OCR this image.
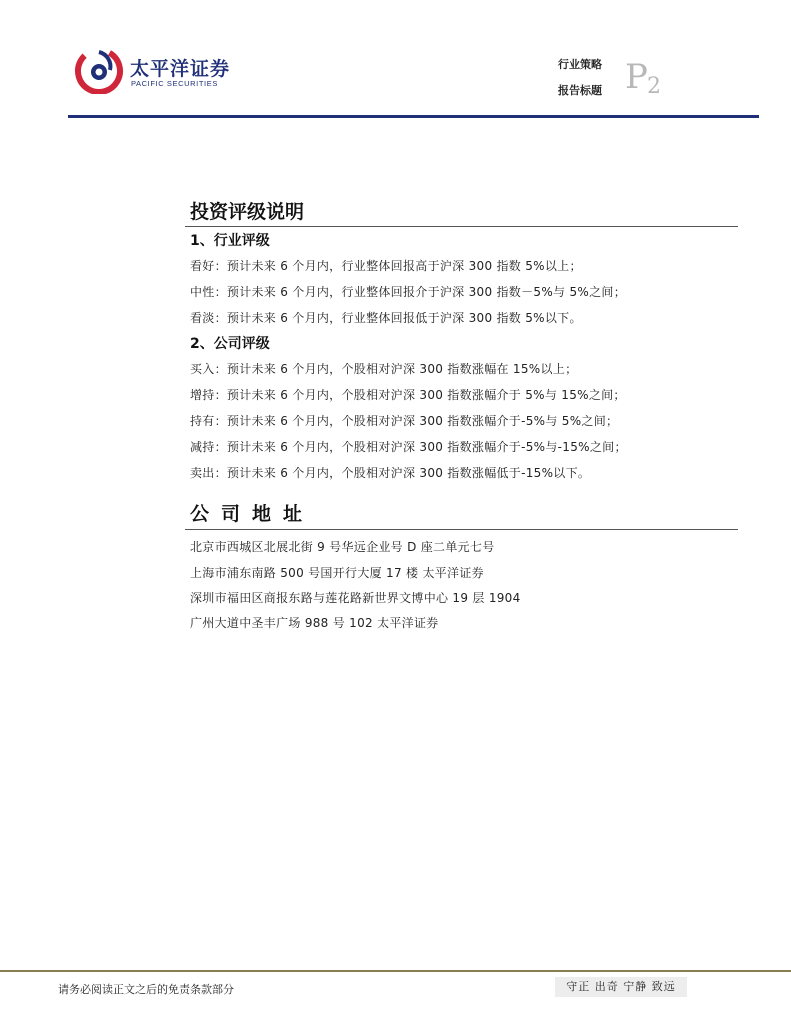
太平洋证券
PACIFIC SECURITIES
行业策略
报告标题 P 2
投资评级说明
1、行业评级
看好：预计未来 6 个月内，行业整体回报高于沪深 300 指数 5%以上；
中性：预计未来 6 个月内，行业整体回报介于沪深 300 指数－5%与 5%之间；
看淡：预计未来 6 个月内，行业整体回报低于沪深 300 指数 5%以下。
2、公司评级
买入：预计未来 6 个月内，个股相对沪深 300 指数涨幅在 15%以上；
增持：预计未来 6 个月内，个股相对沪深 300 指数涨幅介于 5%与 15%之间；
持有：预计未来 6 个月内，个股相对沪深 300 指数涨幅介于-5%与 5%之间；
减持：预计未来 6 个月内，个股相对沪深 300 指数涨幅介于-5%与-15%之间；
卖出：预计未来 6 个月内，个股相对沪深 300 指数涨幅低于-15%以下。
公司地址
北京市西城区北展北街 9 号华远企业号 D 座二单元七号
上海市浦东南路 500 号国开行大厦 17 楼 太平洋证券
深圳市福田区商报东路与莲花路新世界文博中心 19 层 1904
广州大道中圣丰广场 988 号 102 太平洋证券
请务必阅读正文之后的免责条款部分	守正 出奇 宁静 致远
